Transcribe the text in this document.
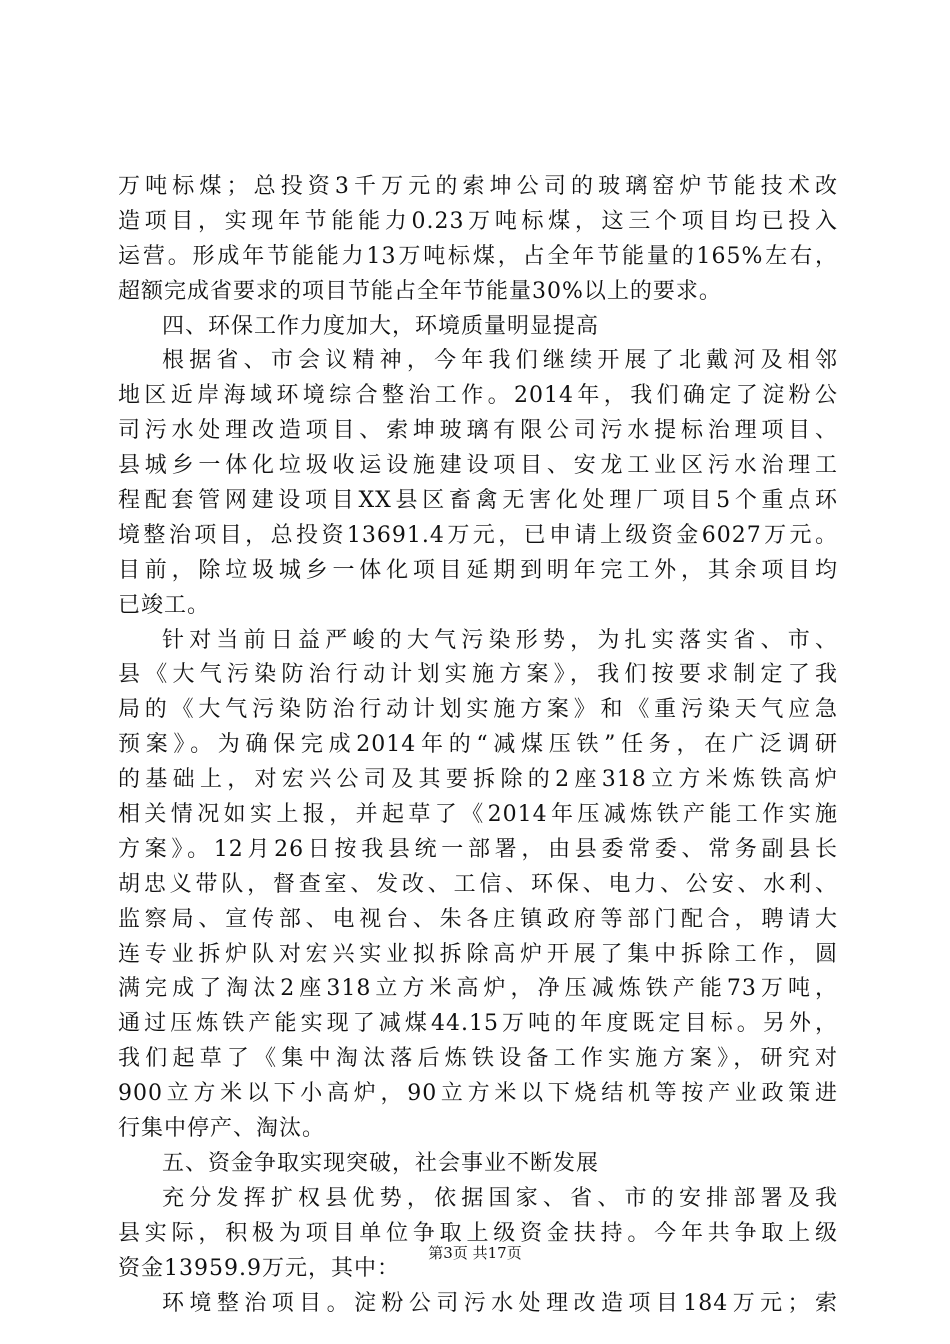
万吨标煤；总投资3千万元的索坤公司的玻璃窑炉节能技术改
造项目，实现年节能能力0.23万吨标煤，这三个项目均已投入
运营。形成年节能能力13万吨标煤，占全年节能量的165%左右，
超额完成省要求的项目节能占全年节能量30%以上的要求。
四、环保工作力度加大，环境质量明显提高
根据省、市会议精神，今年我们继续开展了北戴河及相邻
地区近岸海域环境综合整治工作。2014年，我们确定了淀粉公
司污水处理改造项目、索坤玻璃有限公司污水提标治理项目、
县城乡一体化垃圾收运设施建设项目、安龙工业区污水治理工
程配套管网建设项目XX县区畜禽无害化处理厂项目5个重点环
境整治项目，总投资13691.4万元，已申请上级资金6027万元。
目前，除垃圾城乡一体化项目延期到明年完工外，其余项目均
已竣工。
针对当前日益严峻的大气污染形势，为扎实落实省、市、
县《大气污染防治行动计划实施方案》，我们按要求制定了我
局的《大气污染防治行动计划实施方案》和《重污染天气应急
预案》。为确保完成2014年的“减煤压铁”任务，在广泛调研
的基础上，对宏兴公司及其要拆除的2座318立方米炼铁高炉
相关情况如实上报，并起草了《2014年压减炼铁产能工作实施
方案》。12月26日按我县统一部署，由县委常委、常务副县长
胡忠义带队，督查室、发改、工信、环保、电力、公安、水利、
监察局、宣传部、电视台、朱各庄镇政府等部门配合，聘请大
连专业拆炉队对宏兴实业拟拆除高炉开展了集中拆除工作，圆
满完成了淘汰2座318立方米高炉，净压减炼铁产能73万吨，
通过压炼铁产能实现了减煤44.15万吨的年度既定目标。另外，
我们起草了《集中淘汰落后炼铁设备工作实施方案》，研究对
900立方米以下小高炉，90立方米以下烧结机等按产业政策进
行集中停产、淘汰。
五、资金争取实现突破，社会事业不断发展
充分发挥扩权县优势，依据国家、省、市的安排部署及我
县实际，积极为项目单位争取上级资金扶持。今年共争取上级
资金13959.9万元，其中：
环境整治项目。淀粉公司污水处理改造项目184万元；索
第3页 共17页
